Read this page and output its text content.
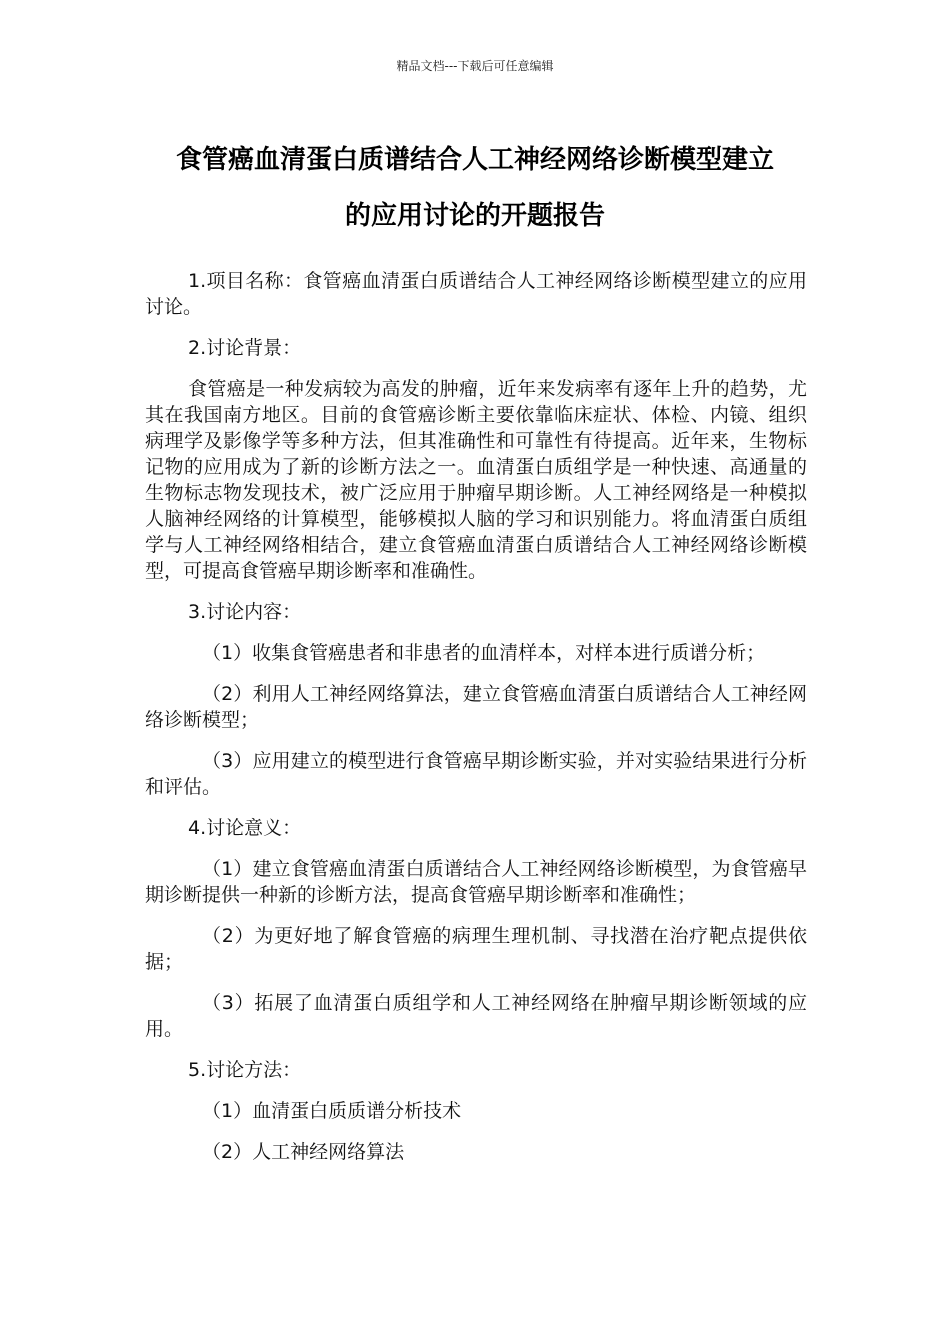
精品文档---下载后可任意编辑
食管癌血清蛋白质谱结合人工神经网络诊断模型建立
的应用讨论的开题报告

1.项目名称：食管癌血清蛋白质谱结合人工神经网络诊断模型建立的应用讨论。

2.讨论背景：

食管癌是一种发病较为高发的肿瘤，近年来发病率有逐年上升的趋势，尤其在我国南方地区。目前的食管癌诊断主要依靠临床症状、体检、内镜、组织病理学及影像学等多种方法，但其准确性和可靠性有待提高。近年来，生物标记物的应用成为了新的诊断方法之一。血清蛋白质组学是一种快速、高通量的生物标志物发现技术，被广泛应用于肿瘤早期诊断。人工神经网络是一种模拟人脑神经网络的计算模型，能够模拟人脑的学习和识别能力。将血清蛋白质组学与人工神经网络相结合，建立食管癌血清蛋白质谱结合人工神经网络诊断模型，可提高食管癌早期诊断率和准确性。

3.讨论内容：

（1）收集食管癌患者和非患者的血清样本，对样本进行质谱分析；

（2）利用人工神经网络算法，建立食管癌血清蛋白质谱结合人工神经网络诊断模型；

（3）应用建立的模型进行食管癌早期诊断实验，并对实验结果进行分析和评估。

4.讨论意义：

（1）建立食管癌血清蛋白质谱结合人工神经网络诊断模型，为食管癌早期诊断提供一种新的诊断方法，提高食管癌早期诊断率和准确性；

（2）为更好地了解食管癌的病理生理机制、寻找潜在治疗靶点提供依据；

（3）拓展了血清蛋白质组学和人工神经网络在肿瘤早期诊断领域的应用。

5.讨论方法：

（1）血清蛋白质质谱分析技术

（2）人工神经网络算法
